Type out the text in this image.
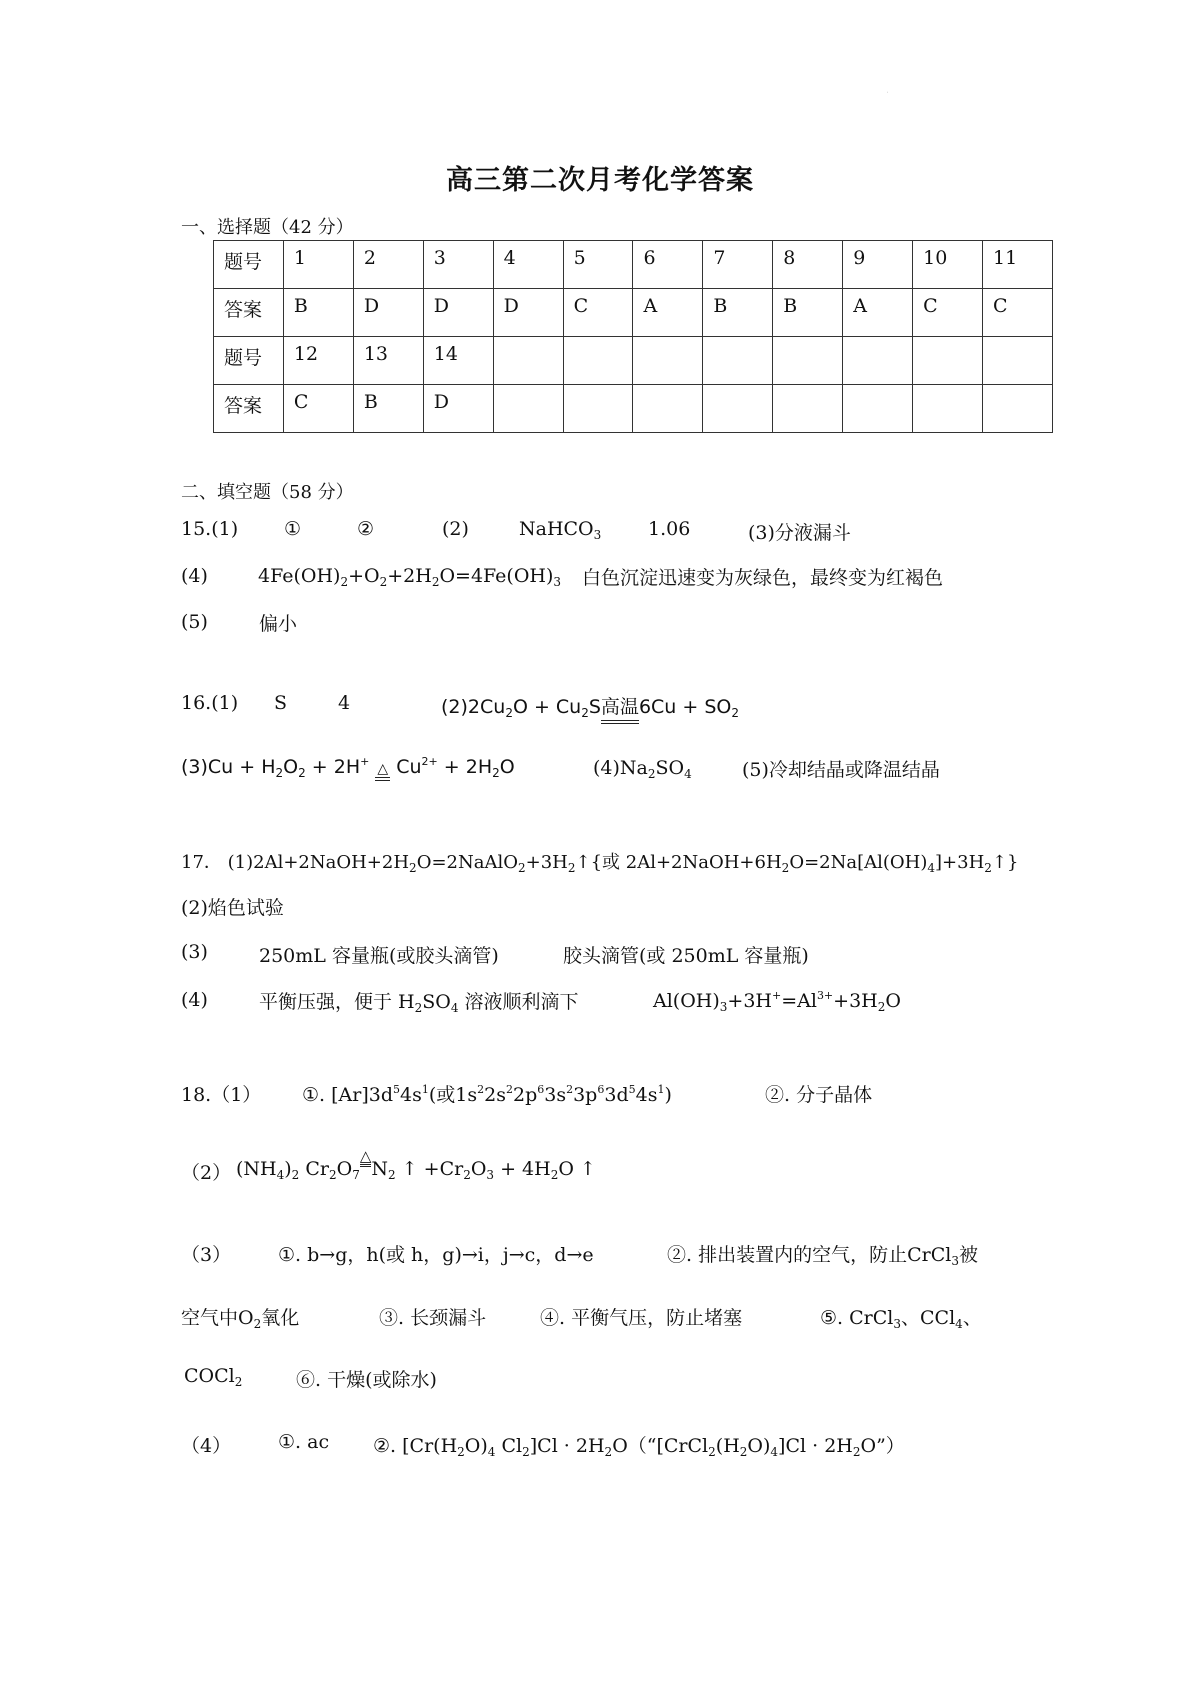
˙
高三第二次月考化学答案
一、选择题（42 分）
题号	1	2	3	4	5	6	7	8	9	10	11
答案	B	D	D	D	C	A	B	B	A	C	C
题号	12	13	14								
答案	C	B	D								
二、填空题（58 分）
15.(1) ①	②	(2)	NaHCO$_3$ 1.06	(3)分液漏斗
(4)	$4Fe(OH)_2+O_2+2H_2O=4Fe(OH)_3$ 白色沉淀迅速变为灰绿色，最终变为红褐色
(5)	偏小
16.(1) S	4	$(2)2Cu_2O + Cu_2S$高温$6Cu + SO_2$
$(3)Cu + H_2O_2 + 2H^+$ △ $Cu^{2+} + 2H_2O$	$(4)Na_2SO_4$	(5)冷却结晶或降温结晶
17． $(1)2Al+2NaOH+2H_2O=2NaAlO_2+3H_2↑${或 $2Al+2NaOH+6H_2O=2Na[Al(OH)_4]+3H_2↑$}
(2)焰色试验
(3)	250mL 容量瓶(或胶头滴管)	胶头滴管(或 250mL 容量瓶)
(4)	平衡压强，便于 $H_2SO_4$ 溶液顺利滴下	$Al(OH)_3+3H^+=Al^{3+}+3H_2O$
18.（1） ①. $[Ar]3d^54s^1$(或$1s^22s^22p^63s^23p^63d^54s^1$)	②. 分子晶体
（2） $(NH_4)_2$ $Cr_2O_7\triangle N_2$ ↑ $+Cr_2O_3 + 4H_2O$ ↑
（3） ①. b→g，h(或 h，g)→i，j→c，d→e	②. 排出装置内的空气，防止CrCl$_3$被
空气中$O_2$氧化	③. 长颈漏斗	④. 平衡气压，防止堵塞	⑤. CrCl$_3$、CCl$_4$、
COCl$_2$	⑥. 干燥(或除水)
（4） ①. ac ②. [$Cr(H_2O)_4$ $Cl_2]Cl$ · $2H_2O(“[CrCl_2(H_2O)_4]Cl$ · $2H_2O$”）
